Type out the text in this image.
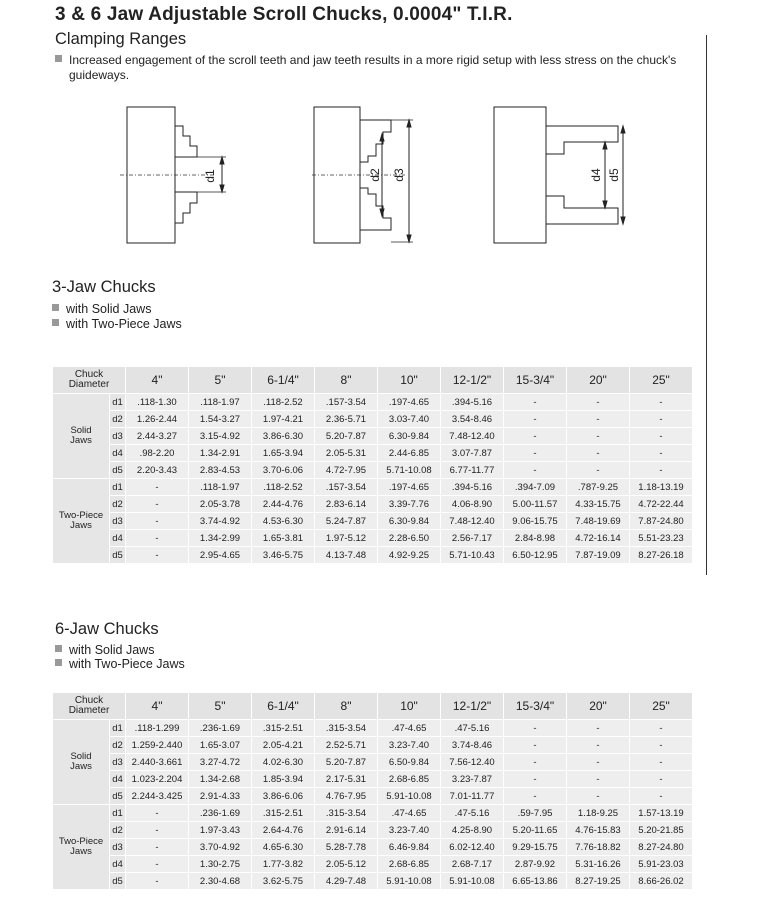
3 & 6 Jaw Adjustable Scroll Chucks, 0.0004" T.I.R.
Clamping Ranges
Increased engagement of the scroll teeth and jaw teeth results in a more rigid setup with less stress on the chuck's guideways.
d1	d2 d3	d4 d5
3-Jaw Chucks
with Solid Jaws
with Two-Piece Jaws
Chuck
Diameter		4"	5"	6-1/4"	8"	10"	12-1/2"	15-3/4"	20"	25"

Solid
Jaws	d1	.118-1.30	.118-1.97	.118-2.52	.157-3.54	.197-4.65	.394-5.16	-	-	-
	d2	1.26-2.44	1.54-3.27	1.97-4.21	2.36-5.71	3.03-7.40	3.54-8.46	-	-	-
	d3	2.44-3.27	3.15-4.92	3.86-6.30	5.20-7.87	6.30-9.84	7.48-12.40	-	-	-
	d4	.98-2.20	1.34-2.91	1.65-3.94	2.05-5.31	2.44-6.85	3.07-7.87	-	-	-
	d5	2.20-3.43	2.83-4.53	3.70-6.06	4.72-7.95	5.71-10.08	6.77-11.77	-	-	-

Two-Piece
Jaws	d1	-	.118-1.97	.118-2.52	.157-3.54	.197-4.65	.394-5.16	.394-7.09	.787-9.25	1.18-13.19
	d2	-	2.05-3.78	2.44-4.76	2.83-6.14	3.39-7.76	4.06-8.90	5.00-11.57	4.33-15.75	4.72-22.44
	d3	-	3.74-4.92	4.53-6.30	5.24-7.87	6.30-9.84	7.48-12.40	9.06-15.75	7.48-19.69	7.87-24.80
	d4	-	1.34-2.99	1.65-3.81	1.97-5.12	2.28-6.50	2.56-7.17	2.84-8.98	4.72-16.14	5.51-23.23
	d5	-	2.95-4.65	3.46-5.75	4.13-7.48	4.92-9.25	5.71-10.43	6.50-12.95	7.87-19.09	8.27-26.18
6-Jaw Chucks
with Solid Jaws
with Two-Piece Jaws
Chuck
Diameter		4"	5"	6-1/4"	8"	10"	12-1/2"	15-3/4"	20"	25"

Solid
Jaws	d1	.118-1.299	.236-1.69	.315-2.51	.315-3.54	.47-4.65	.47-5.16	-	-	-
	d2	1.259-2.440	1.65-3.07	2.05-4.21	2.52-5.71	3.23-7.40	3.74-8.46	-	-	-
	d3	2.440-3.661	3.27-4.72	4.02-6.30	5.20-7.87	6.50-9.84	7.56-12.40	-	-	-
	d4	1.023-2.204	1.34-2.68	1.85-3.94	2.17-5.31	2.68-6.85	3.23-7.87	-	-	-
	d5	2.244-3.425	2.91-4.33	3.86-6.06	4.76-7.95	5.91-10.08	7.01-11.77	-	-	-

Two-Piece
Jaws	d1	-	.236-1.69	.315-2.51	.315-3.54	.47-4.65	.47-5.16	.59-7.95	1.18-9.25	1.57-13.19
	d2	-	1.97-3.43	2.64-4.76	2.91-6.14	3.23-7.40	4.25-8.90	5.20-11.65	4.76-15.83	5.20-21.85
	d3	-	3.70-4.92	4.65-6.30	5.28-7.78	6.46-9.84	6.02-12.40	9.29-15.75	7.76-18.82	8.27-24.80
	d4	-	1.30-2.75	1.77-3.82	2.05-5.12	2.68-6.85	2.68-7.17	2.87-9.92	5.31-16.26	5.91-23.03
	d5	-	2.30-4.68	3.62-5.75	4.29-7.48	5.91-10.08	5.91-10.08	6.65-13.86	8.27-19.25	8.66-26.02
